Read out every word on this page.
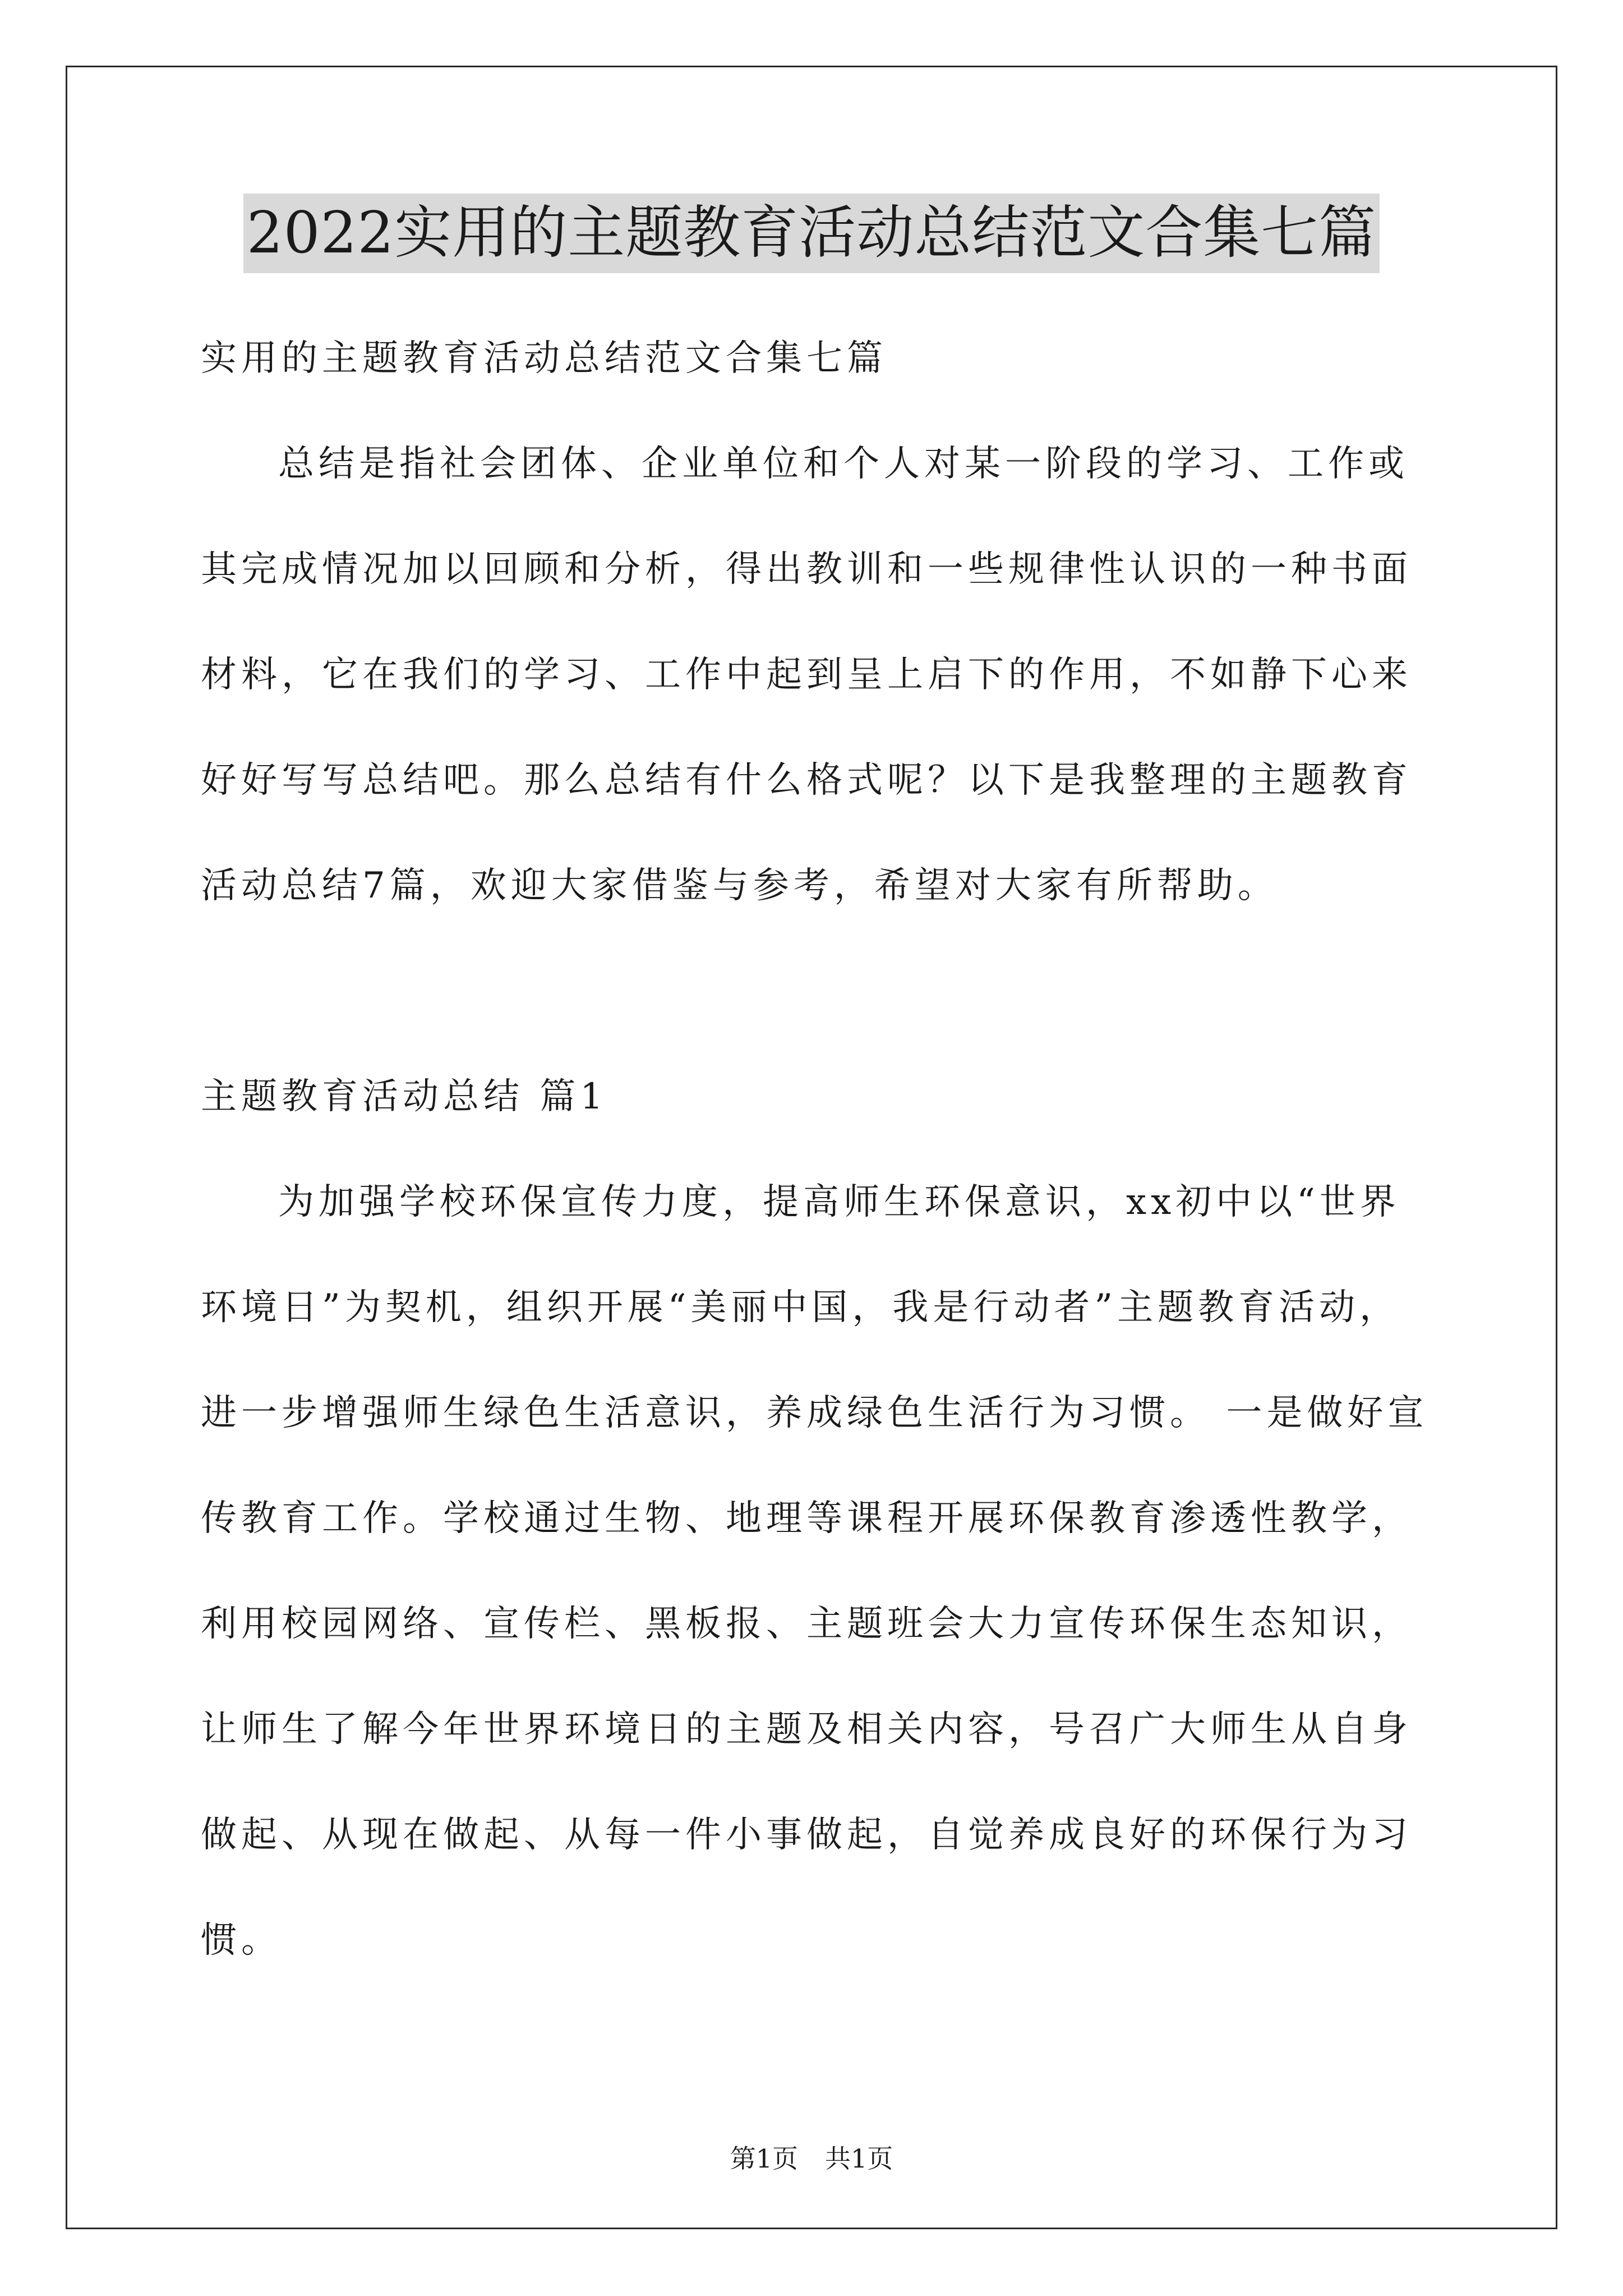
2022实用的主题教育活动总结范文合集七篇
实用的主题教育活动总结范文合集七篇
总结是指社会团体、企业单位和个人对某一阶段的学习、工作或
其完成情况加以回顾和分析，得出教训和一些规律性认识的一种书面
材料，它在我们的学习、工作中起到呈上启下的作用，不如静下心来
好好写写总结吧。那么总结有什么格式呢？以下是我整理的主题教育
活动总结7篇，欢迎大家借鉴与参考，希望对大家有所帮助。
主题教育活动总结 篇1
为加强学校环保宣传力度，提高师生环保意识，xx初中以“世界
环境日”为契机，组织开展“美丽中国，我是行动者”主题教育活动，
进一步增强师生绿色生活意识，养成绿色生活行为习惯。 一是做好宣
传教育工作。学校通过生物、地理等课程开展环保教育渗透性教学，
利用校园网络、宣传栏、黑板报、主题班会大力宣传环保生态知识，
让师生了解今年世界环境日的主题及相关内容，号召广大师生从自身
做起、从现在做起、从每一件小事做起，自觉养成良好的环保行为习
惯。
第1页 共1页
